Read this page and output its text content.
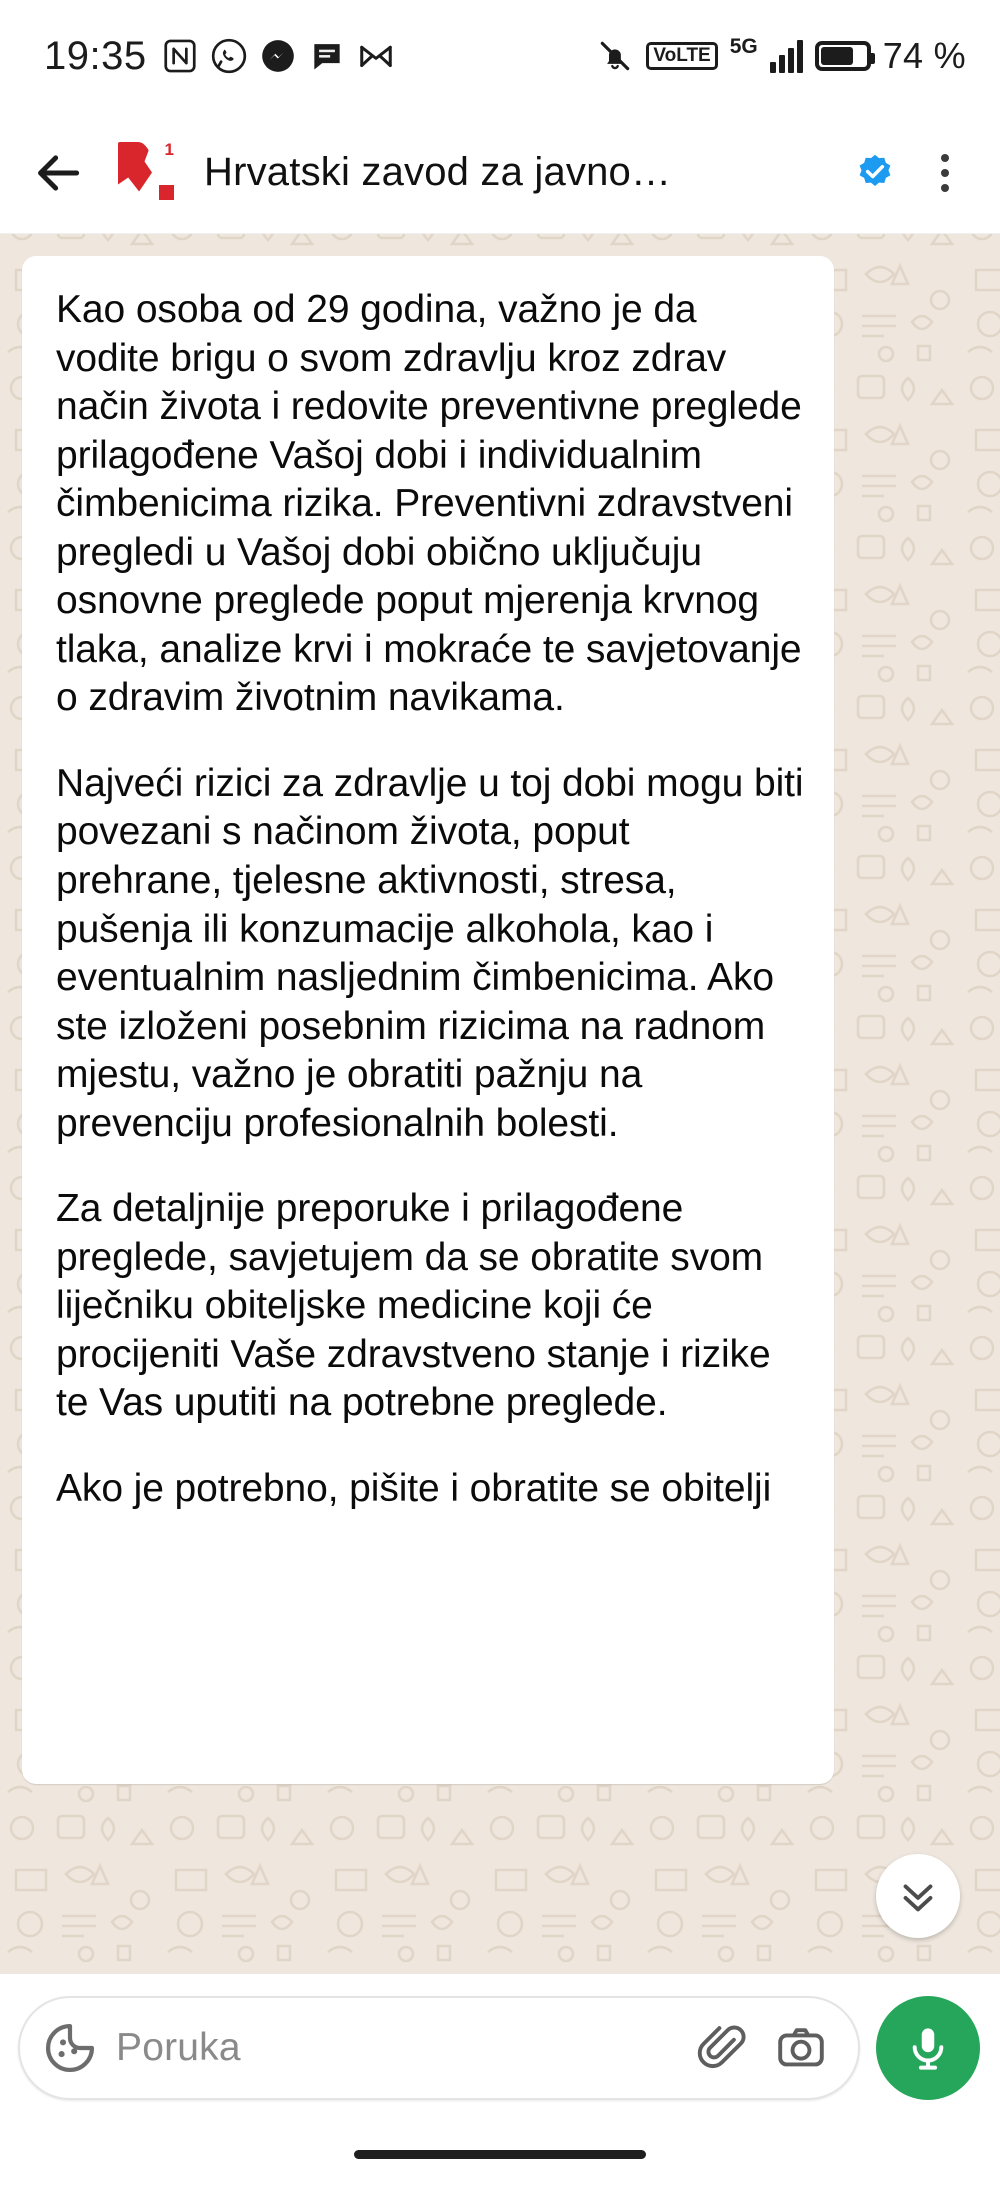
19:35	VoLTE 5G	74 %
1
Hrvatski zavod za javno…

Kao osoba od 29 godina, važno je da vodite brigu o svom zdravlju kroz zdrav način života i redovite preventivne preglede prilagođene Vašoj dobi i individualnim čimbenicima rizika. Preventivni zdravstveni pregledi u Vašoj dobi obično uključuju osnovne preglede poput mjerenja krvnog tlaka, analize krvi i mokraće te savjetovanje o zdravim životnim navikama.

Najveći rizici za zdravlje u toj dobi mogu biti povezani s načinom života, poput prehrane, tjelesne aktivnosti, stresa, pušenja ili konzumacije alkohola, kao i eventualnim nasljednim čimbenicima. Ako ste izloženi posebnim rizicima na radnom mjestu, važno je obratiti pažnju na prevenciju profesionalnih bolesti.

Za detaljnije preporuke i prilagođene preglede, savjetujem da se obratite svom liječniku obiteljske medicine koji će procijeniti Vaše zdravstveno stanje i rizike te Vas uputiti na potrebne preglede.

Ako je potrebno, pišite i obratite se obitelji

Poruka
